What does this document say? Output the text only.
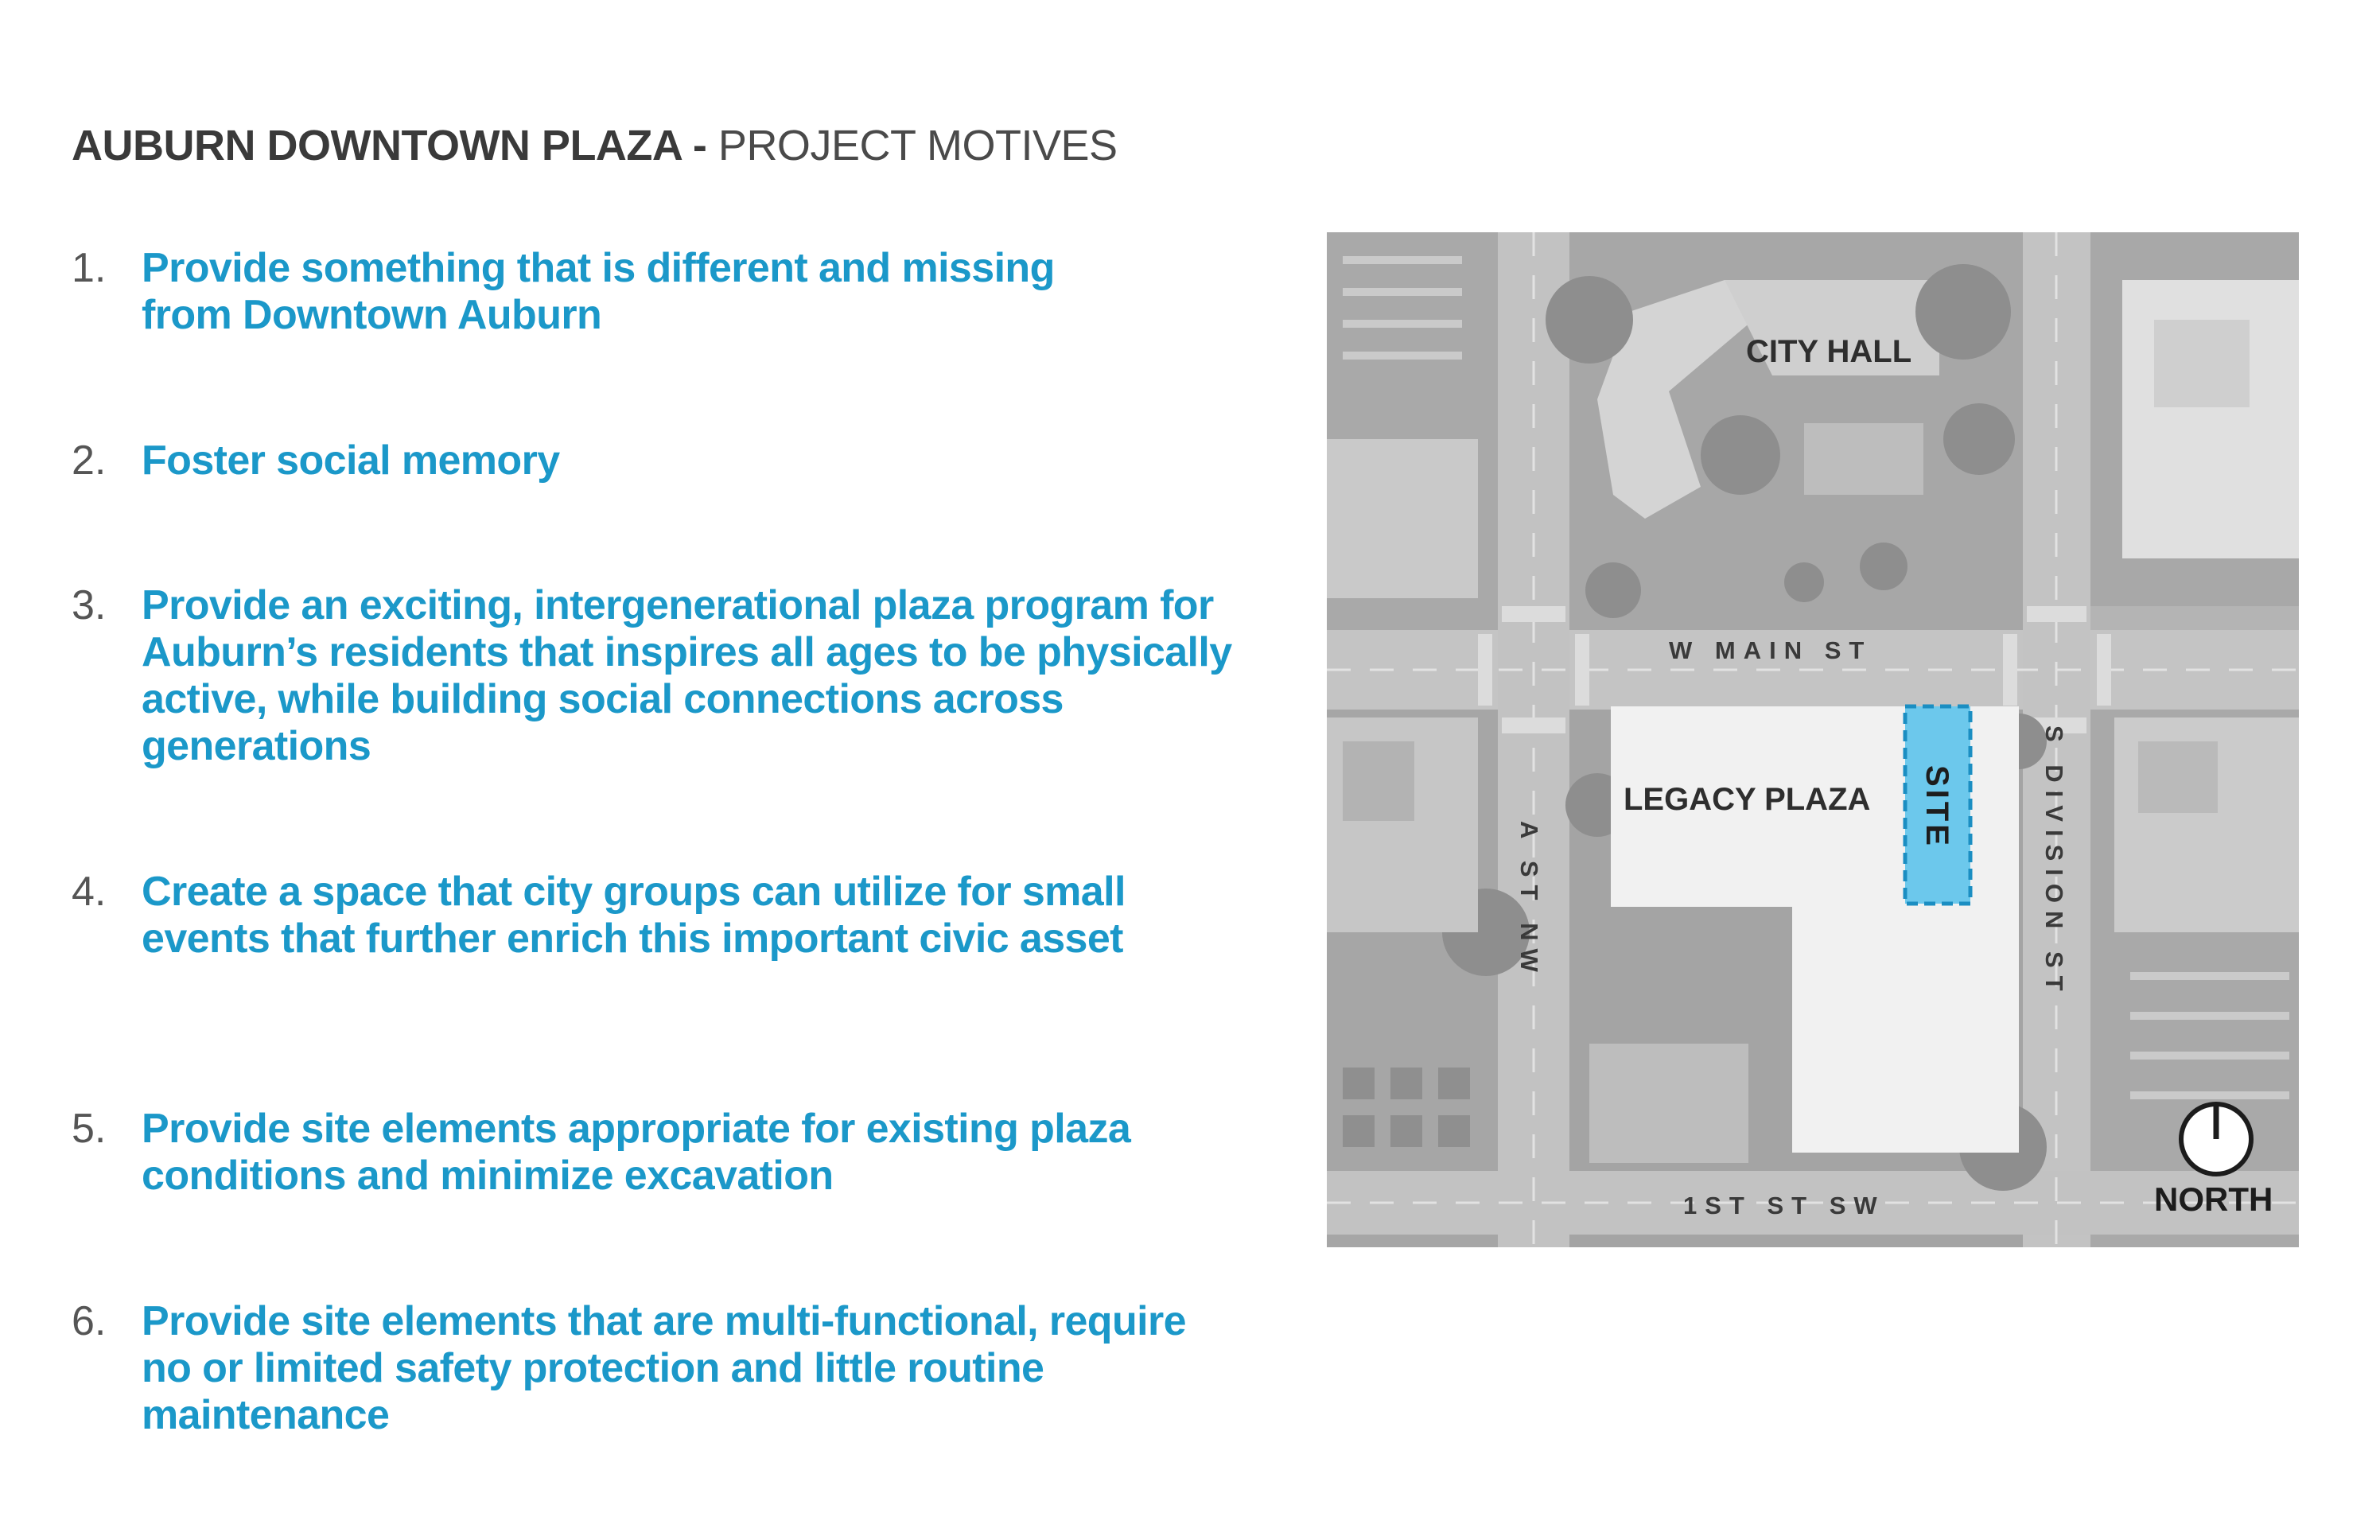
AUBURN DOWNTOWN PLAZA - PROJECT MOTIVES
1. Provide something that is different and missing from Downtown Auburn
2. Foster social memory
3. Provide an exciting, intergenerational plaza program for Auburn’s residents that inspires all ages to be physically active, while building social connections across generations
4. Create a space that city groups can utilize for small events that further enrich this important civic asset
5. Provide site elements appropriate for existing plaza conditions and minimize excavation
6. Provide site elements that are multi-functional, require no or limited safety protection and little routine maintenance
CITY HALL
LEGACY PLAZA SITE
W MAIN ST
A ST NW	S DIVISION ST
1ST ST SW	NORTH
